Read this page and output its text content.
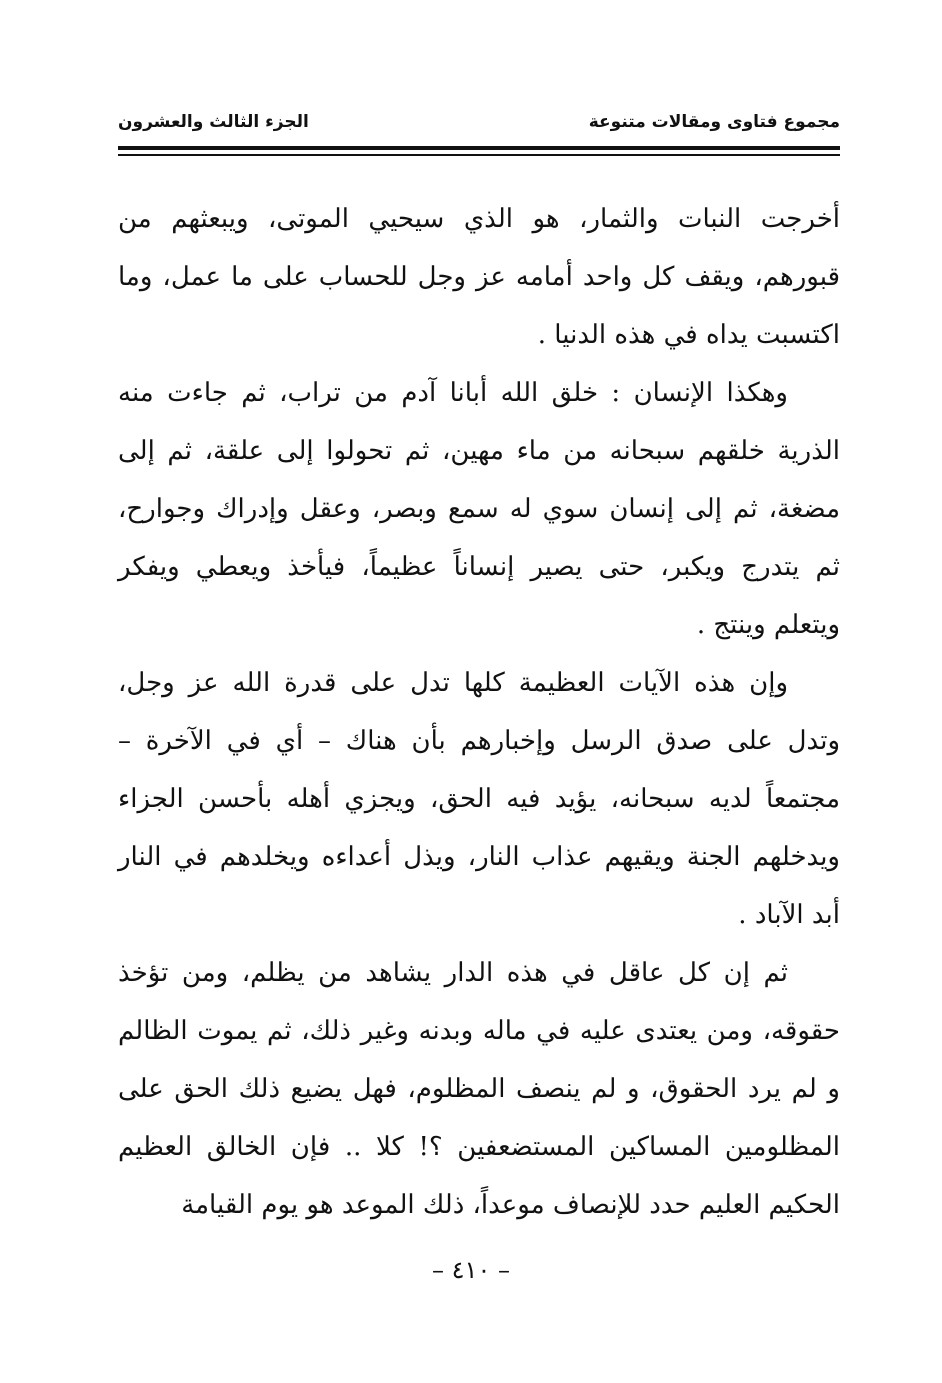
مجموع فتاوى ومقالات متنوعة
الجزء الثالث والعشرون

أخرجت النبات والثمار، هو الذي سيحيي الموتى، ويبعثهم من قبورهم، ويقف كل واحد أمامه عز وجل للحساب على ما عمل، وما اكتسبت يداه في هذه الدنيا .

وهكذا الإنسان : خلق الله أبانا آدم من تراب، ثم جاءت منه الذرية خلقهم سبحانه من ماء مهين، ثم تحولوا إلى علقة، ثم إلى مضغة، ثم إلى إنسان سوي له سمع وبصر، وعقل وإدراك وجوارح، ثم يتدرج ويكبر، حتى يصير إنساناً عظيماً، فيأخذ ويعطي ويفكر ويتعلم وينتج .

وإن هذه الآيات العظيمة كلها تدل على قدرة الله عز وجل، وتدل على صدق الرسل وإخبارهم بأن هناك – أي في الآخرة – مجتمعاً لديه سبحانه، يؤيد فيه الحق، ويجزي أهله بأحسن الجزاء ويدخلهم الجنة ويقيهم عذاب النار، ويذل أعداءه ويخلدهم في النار أبد الآباد .

ثم إن كل عاقل في هذه الدار يشاهد من يظلم، ومن تؤخذ حقوقه، ومن يعتدى عليه في ماله وبدنه وغير ذلك، ثم يموت الظالم و لم يرد الحقوق، و لم ينصف المظلوم، فهل يضيع ذلك الحق على المظلومين المساكين المستضعفين ؟! كلا .. فإن الخالق العظيم الحكيم العليم حدد للإنصاف موعداً، ذلك الموعد هو يوم القيامة

– ٤١٠ –
